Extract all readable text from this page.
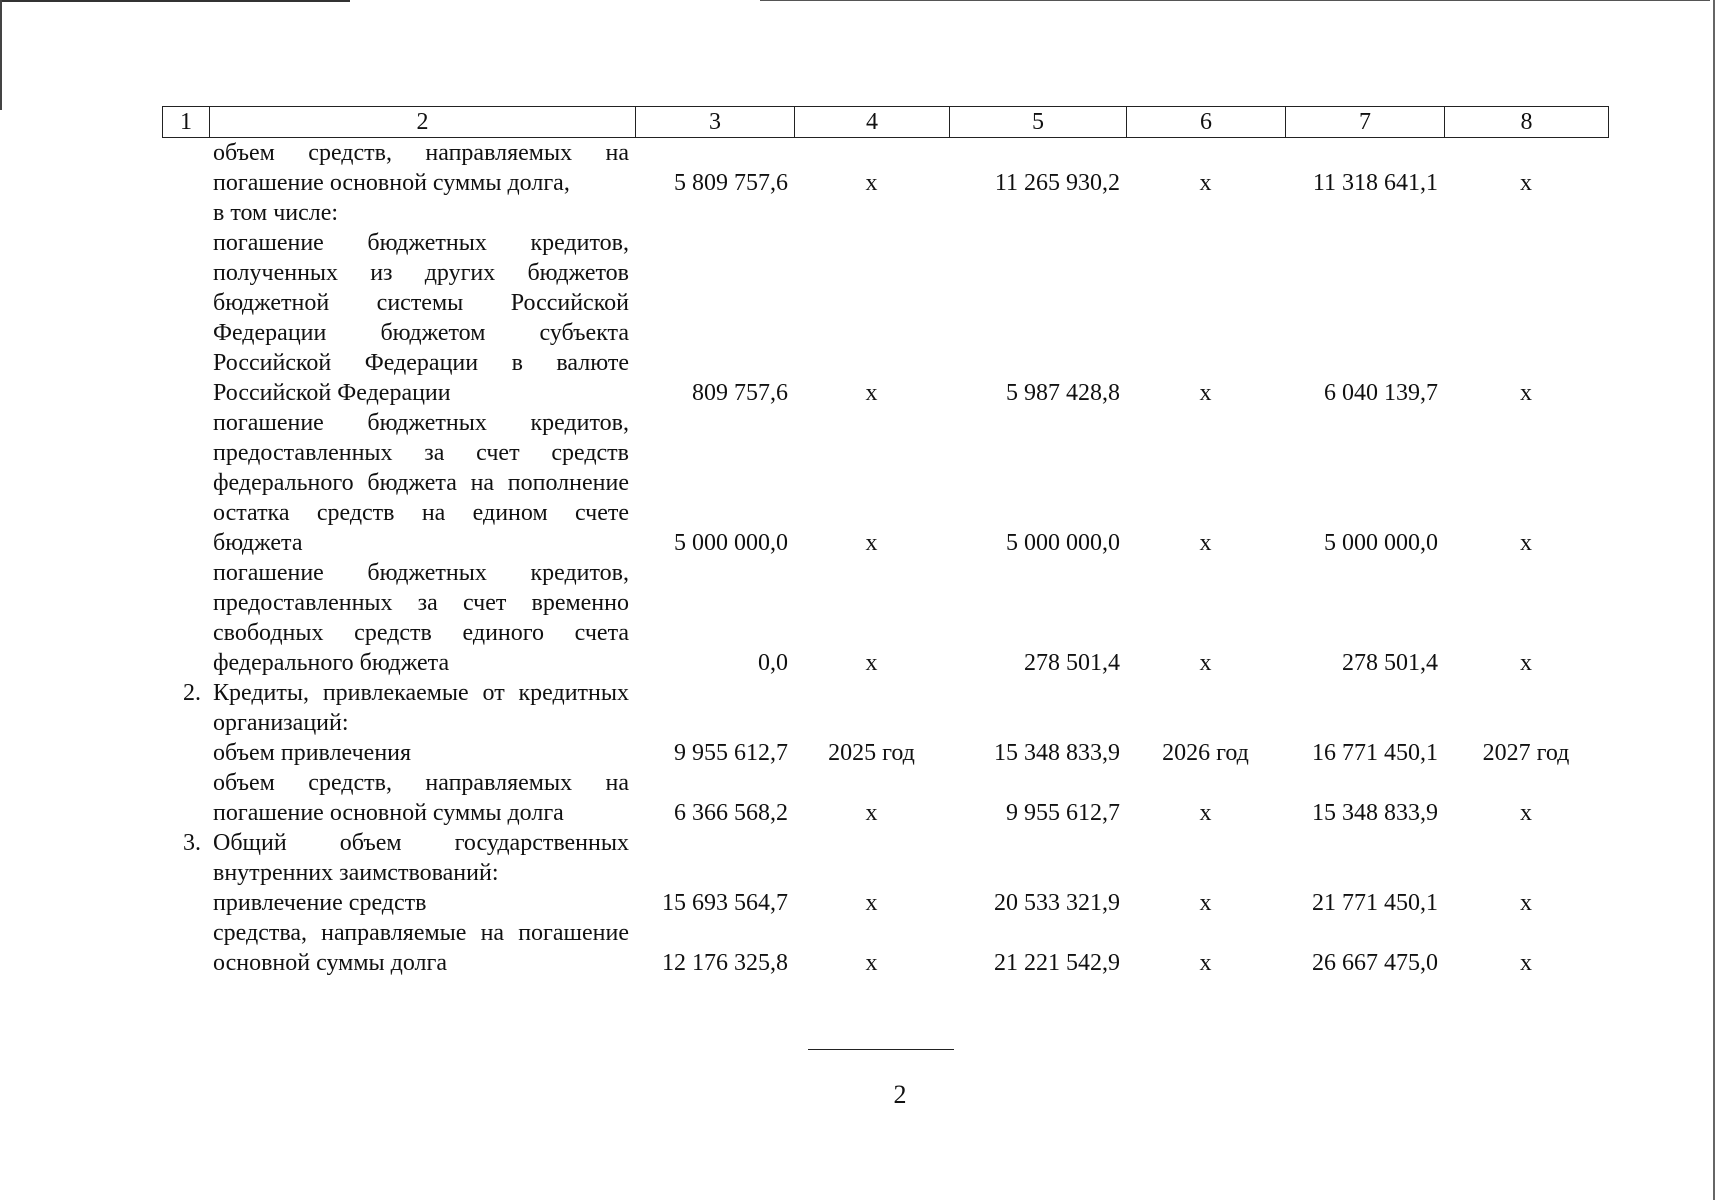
1	2	3	4	5	6	7	8
	объем средств, направляемых на погашение основной суммы долга,	5 809 757,6	х	11 265 930,2	х	11 318 641,1	х
	в том числе:						
	погашение бюджетных кредитов, полученных из других бюджетов бюджетной системы Российской Федерации бюджетом субъекта Российской Федерации в валюте Российской Федерации	809 757,6	х	5 987 428,8	х	6 040 139,7	х
	погашение бюджетных кредитов, предоставленных за счет средств федерального бюджета на пополнение остатка средств на едином счете бюджета	5 000 000,0	х	5 000 000,0	х	5 000 000,0	х
	погашение бюджетных кредитов, предоставленных за счет временно свободных средств единого счета федерального бюджета	0,0	х	278 501,4	х	278 501,4	х
2.	Кредиты, привлекаемые от кредитных организаций:						
	объем привлечения	9 955 612,7	2025 год	15 348 833,9	2026 год	16 771 450,1	2027 год
	объем средств, направляемых на погашение основной суммы долга	6 366 568,2	х	9 955 612,7	х	15 348 833,9	х
3.	Общий объем государственных внутренних заимствований:						
	привлечение средств	15 693 564,7	х	20 533 321,9	х	21 771 450,1	х
	средства, направляемые на погашение основной суммы долга	12 176 325,8	х	21 221 542,9	х	26 667 475,0	х
2
